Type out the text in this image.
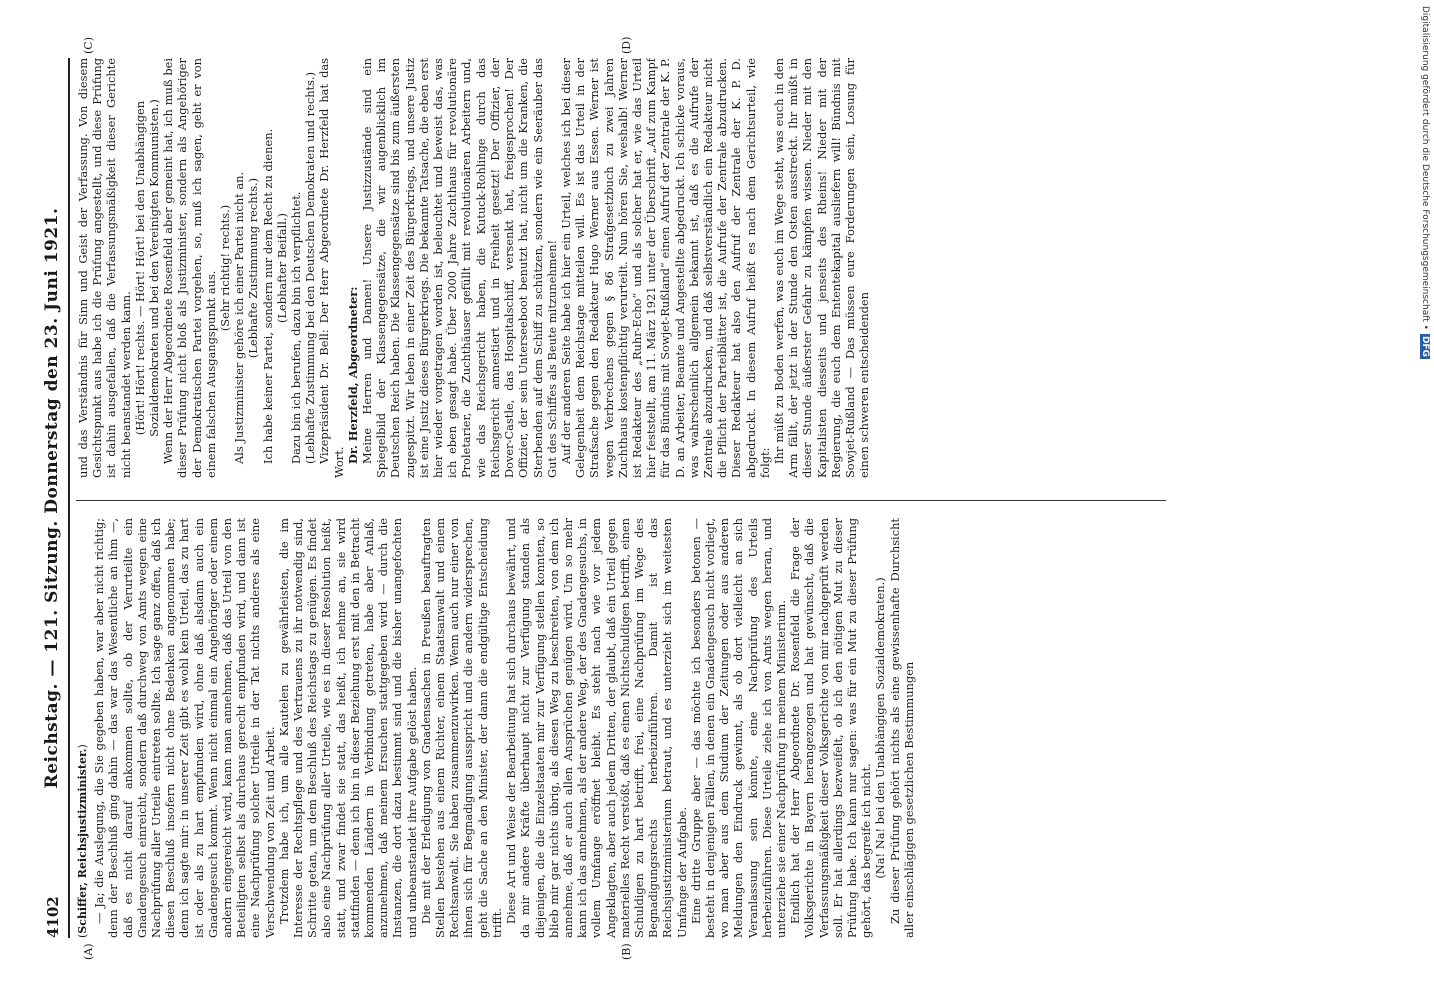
4102
Reichstag. — 121. Sitzung. Donnerstag den 23. Juni 1921.
(A)	(B)
(C)	(D)
(Schiffer, Reichsjustizminister.) — Ja; die Auslegung, die Sie gegeben haben, war aber nicht richtig; denn der Beschluß ging dahin — das war das Wesentliche an ihm —, daß es nicht darauf ankommen sollte, ob der Verurteilte ein Gnadengesuch einreicht, sondern daß durchweg von Amts wegen eine Nachprüfung aller Urteile eintreten sollte. Ich sage ganz offen, daß ich diesen Beschluß insofern nicht ohne Bedenken angenommen habe; denn ich sagte mir: in unserer Zeit gibt es wohl kein Urteil, das zu hart ist oder als zu hart empfunden wird, ohne daß alsdann auch ein Gnadengesuch kommt. Wenn nicht einmal ein Angehöriger oder einem andern eingereicht wird, kann man annehmen, daß das Urteil von den Beteiligten selbst als durchaus gerecht empfunden wird, und dann ist eine Nachprüfung solcher Urteile in der Tat nichts anderes als eine Verschwendung von Zeit und Arbeit. Trotzdem habe ich, um alle Kautelen zu gewährleisten, die im Interesse der Rechtspflege und des Vertrauens zu ihr notwendig sind, Schritte getan, um dem Beschluß des Reichstags zu genügen. Es findet also eine Nachprüfung aller Urteile, wie es in dieser Resolution heißt, statt, und zwar findet sie statt, das heißt, ich nehme an, sie wird stattfinden — denn ich bin in dieser Beziehung erst mit den in Betracht kommenden Ländern in Verbindung getreten, habe aber Anlaß, anzunehmen, daß meinem Ersuchen stattgegeben wird — durch die Instanzen, die dort dazu bestimmt sind und die bisher unangefochten und unbeanstandet ihre Aufgabe gelöst haben. Die mit der Erledigung von Gnadensachen in Preußen beauftragten Stellen bestehen aus einem Richter, einem Staatsanwalt und einem Rechtsanwalt. Sie haben zusammenzuwirken. Wenn auch nur einer von ihnen sich für Begnadigung ausspricht und die andern widersprechen, geht die Sache an den Minister, der dann die endgültige Entscheidung trifft. Diese Art und Weise der Bearbeitung hat sich durchaus bewährt, und da mir andere Kräfte überhaupt nicht zur Verfügung standen als diejenigen, die die Einzelstaaten mir zur Verfügung stellen konnten, so blieb mir gar nichts übrig, als diesen Weg zu beschreiten, von dem ich annehme, daß er auch allen Ansprüchen genügen wird. Um so mehr kann ich das annehmen, als der andere Weg, der des Gnadengesuchs, in vollem Umfange eröffnet bleibt. Es steht nach wie vor jedem Angeklagten, aber auch jedem Dritten, der glaubt, daß ein Urteil gegen materielles Recht verstößt, daß es einen Nichtschuldigen betrifft, einen Schuldigen zu hart betrifft, frei, eine Nachprüfung im Wege des Begnadigungsrechts herbeizuführen. Damit ist das Reichsjustizministerium betraut, und es unterzieht sich im weitesten Umfange der Aufgabe. Eine dritte Gruppe aber — das möchte ich besonders betonen — besteht in denjenigen Fällen, in denen ein Gnadengesuch nicht vorliegt, wo man aber aus dem Studium der Zeitungen oder aus anderen Meldungen den Eindruck gewinnt, als ob dort vielleicht an sich Veranlassung sein könnte, eine Nachprüfung des Urteils herbeizuführen. Diese Urteile ziehe ich von Amts wegen heran, und unterziehe sie einer Nachprüfung in meinem Ministerium. Endlich hat der Herr Abgeordnete Dr. Rosenfeld die Frage der Volksgerichte in Bayern herangezogen und hat gewünscht, daß die Verfassungsmäßigkeit dieser Volksgerichte von mir nachgeprüft werden soll. Er hat allerdings bezweifelt, ob ich den nötigen Mut zu dieser Prüfung habe. Ich kann nur sagen: was für ein Mut zu dieser Prüfung gehört, das begreife ich nicht. (Na! Na! bei den Unabhängigen Sozialdemokraten.) Zu dieser Prüfung gehört nichts als eine gewissenhafte Durchsicht aller einschlägigen gesetzlichen Bestimmungen

und das Verständnis für Sinn und Geist der Verfassung. Von diesem Gesichtspunkt aus habe ich die Prüfung angestellt, und diese Prüfung ist dahin ausgefallen, daß die Verfassungsmäßigkeit dieser Gerichte nicht beanstandet werden kann. (Hört! Hört! rechts. — Hört! Hört! bei den Unabhängigen Sozialdemokraten und bei den Vereinigten Kommunisten.) Wenn der Herr Abgeordnete Rosenfeld aber gemeint hat, ich muß bei dieser Prüfung nicht bloß als Justizminister, sondern als Angehöriger der Demokratischen Partei vorgehen, so, muß ich sagen, geht er von einem falschen Ausgangspunkt aus.

(Sehr richtig! rechts.) Als Justizminister gehöre ich einer Partei nicht an. (Lebhafte Zustimmung rechts.) Ich habe keiner Partei, sondern nur dem Recht zu dienen. (Lebhafter Beifall.) Dazu bin ich berufen, dazu bin ich verpflichtet. (Lebhafte Zustimmung bei den Deutschen Demokraten und rechts.) Vizepräsident Dr. Bell: Der Herr Abgeordnete Dr. Herzfeld hat das Wort. Dr. Herzfeld, Abgeordneter: Meine Herren und Damen! Unsere Justizzustände sind ein Spiegelbild der Klassengegensätze, die wir augenblicklich im Deutschen Reich haben. Die Klassengegensätze sind bis zum äußersten zugespitzt. Wir leben in einer Zeit des Bürgerkriegs, und unsere Justiz ist eine Justiz dieses Bürgerkriegs. Die bekannte Tatsache, die eben erst hier wieder vorgetragen worden ist, beleuchtet und beweist das, was ich eben gesagt habe. Über 2000 Jahre Zuchthaus für revolutionäre Proletarier, die Zuchthäuser gefüllt mit revolutionären Arbeitern und, wie das Reichsgericht haben, die Kutuck-Rohlinge durch das Reichsgericht amnestiert und in Freiheit gesetzt! Der Offizier, der Dover-Castle, das Hospitalschiff, versenkt hat, freigesprochen! Der Offizier, der sein Unterseeboot benutzt hat, nicht um die Kranken, die Sterbenden auf dem Schiff zu schützen, sondern wie ein Seeräuber das Gut des Schiffes als Beute mitzunehmen! Auf der anderen Seite habe ich hier ein Urteil, welches ich bei dieser Gelegenheit dem Reichstage mitteilen will. Es ist das Urteil in der Strafsache gegen den Redakteur Hugo Werner aus Essen. Werner ist wegen Verbrechens gegen § 86 Strafgesetzbuch zu zwei Jahren Zuchthaus kostenpflichtig verurteilt. Nun hören Sie, weshalb! Werner ist Redakteur des „Ruhr-Echo“ und als solcher hat er, wie das Urteil hier feststellt, am 11. März 1921 unter der Überschrift „Auf zum Kampf für das Bündnis mit Sowjet-Rußland“ einen Aufruf der Zentrale der K. P. D. an Arbeiter, Beamte und Angestellte abgedruckt. Ich schicke voraus, was wahrscheinlich allgemein bekannt ist, daß es die Aufrufe der Zentrale abzudrucken, und daß selbstverständlich ein Redakteur nicht die Pflicht der Parteiblätter ist, die Aufrufe der Zentrale abzudrucken. Dieser Redakteur hat also den Aufruf der Zentrale der K. P. D. abgedruckt. In diesem Aufruf heißt es nach dem Gerichtsurteil, wie folgt: Ihr müßt zu Boden werfen, was euch im Wege steht, was euch in den Arm fällt, der jetzt in der Stunde den Osten ausstreckt. Ihr müßt in dieser Stunde äußerster Gefahr zu kämpfen wissen. Nieder mit den Kapitalisten diesseits und jenseits des Rheins! Nieder mit der Regierung, die euch dem Ententekapital ausliefern will! Bündnis mit Sowjet-Rußland — Das müssen eure Forderungen sein, Losung für einen schweren entscheidenden

Digitalisierung gefördert durch die Deutsche Forschungsgemeinschaft •DFG
